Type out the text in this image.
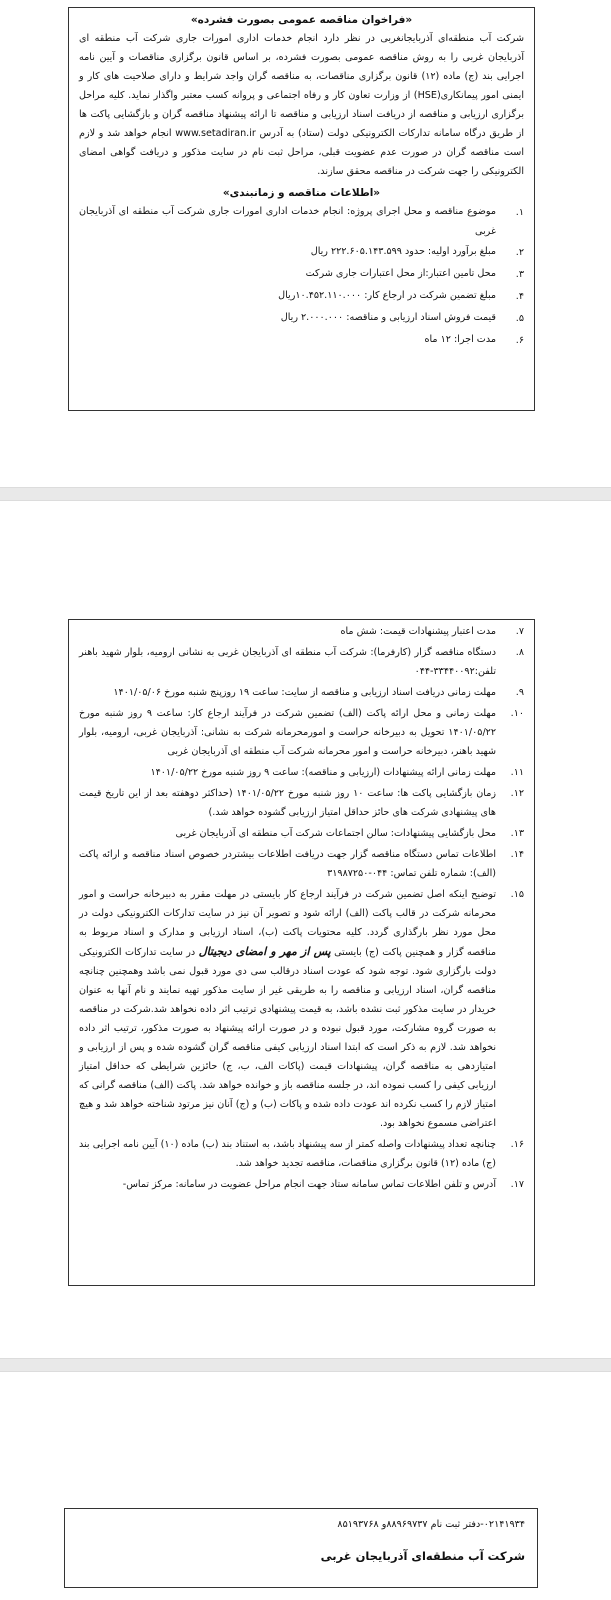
«فراخوان مناقصه عمومی بصورت فشرده»

شرکت آب منطقه‌ای آذربایجانغربی در نظر دارد انجام خدمات اداری امورات جاری شرکت آب منطقه ای آذربایجان غربی را به روش مناقصه عمومی بصورت فشرده، بر اساس قانون برگزاری مناقصات و آیین نامه اجرایی بند (ج) ماده (۱۲) قانون برگزاری مناقصات، به مناقصه گران واجد شرایط و دارای صلاحیت های کار و ایمنی امور پیمانکاری(HSE) از وزارت تعاون کار و رفاه اجتماعی و پروانه کسب معتبر واگذار نماید. کلیه مراحل برگزاری ارزیابی و مناقصه از دریافت اسناد ارزیابی و مناقصه تا ارائه پیشنهاد مناقصه گران و بازگشایی پاکت ها از طریق درگاه سامانه تدارکات الکترونیکی دولت (ستاد) به آدرس www.setadiran.ir انجام خواهد شد و لازم است مناقصه گران در صورت عدم عضویت قبلی، مراحل ثبت نام در سایت مذکور و دریافت گواهی امضای الکترونیکی را جهت شرکت در مناقصه محقق سازند.

«اطلاعات مناقصه و زمانبندی»
۱.
موضوع مناقصه و محل اجرای پروژه: انجام خدمات اداری امورات جاری شرکت آب منطقه ای آذربایجان غربی
۲.
مبلغ برآورد اولیه: حدود ۲۲۲.۶۰۵.۱۴۳.۵۹۹ ریال
۳.
محل تامین اعتبار:از محل اعتبارات جاری شرکت
۴.
مبلغ تضمین شرکت در ارجاع کار: ۱۰.۴۵۲.۱۱۰.۰۰۰ریال
۵.
قیمت فروش اسناد ارزیابی و مناقصه: ۲.۰۰۰.۰۰۰ ریال
۶.
مدت اجرا: ۱۲ ماه
۷.
مدت اعتبار پیشنهادات قیمت: شش ماه
۸.
دستگاه مناقصه گزار (کارفرما): شرکت آب منطقه ای آذربایجان غربی به نشانی ارومیه، بلوار شهید باهنر تلفن:۳۳۴۴۰۰۹۲-۰۴۴
۹.
مهلت زمانی دریافت اسناد ارزیابی و مناقصه از سایت: ساعت ۱۹ روزپنج شنبه مورخ ۱۴۰۱/۰۵/۰۶
۱۰.
مهلت زمانی و محل ارائه پاکت (الف) تضمین شرکت در فرآیند ارجاع کار: ساعت ۹ روز شنبه مورخ ۱۴۰۱/۰۵/۲۲ تحویل به دبیرخانه حراست و امورمحرمانه شرکت به نشانی: آذربایجان غربی، ارومیه، بلوار شهید باهنر، دبیرخانه حراست و امور محرمانه شرکت آب منطقه ای آذربایجان غربی
۱۱.
مهلت زمانی ارائه پیشنهادات (ارزیابی و مناقصه): ساعت ۹ روز شنبه مورخ ۱۴۰۱/۰۵/۲۲
۱۲.
زمان بازگشایی پاکت ها: ساعت ۱۰ روز شنبه مورخ ۱۴۰۱/۰۵/۲۲ (حداکثر دوهفته بعد از این تاریخ قیمت های پیشنهادی شرکت های حائز حداقل امتیاز ارزیابی گشوده خواهد شد.)
۱۳.
محل بازگشایی پیشنهادات: سالن اجتماعات شرکت آب منطقه ای آذربایجان غربی
۱۴.
اطلاعات تماس دستگاه مناقصه گزار جهت دریافت اطلاعات بیشتردر خصوص اسناد مناقصه و ارائه پاکت (الف): شماره تلفن تماس: ۰۴۴-۳۱۹۸۷۲۵۰
۱۵.
توضیح اینکه اصل تضمین شرکت در فرآیند ارجاع کار بایستی در مهلت مقرر به دبیرخانه حراست و امور محرمانه شرکت در قالب پاکت (الف) ارائه شود و تصویر آن نیز در سایت تدارکات الکترونیکی دولت در محل مورد نظر بارگذاری گردد. کلیه محتویات پاکت (ب)، اسناد ارزیابی و مدارک و اسناد مربوط به مناقصه گزار و همچنین پاکت (ج) بایستی پس از مهر و امضای دیجیتال در سایت تدارکات الکترونیکی دولت بارگزاری شود. توجه شود که عودت اسناد درقالب سی دی مورد قبول نمی باشد وهمچنین چنانچه مناقصه گران، اسناد ارزیابی و مناقصه را به طریقی غیر از سایت مذکور تهیه نمایند و نام آنها به عنوان خریدار در سایت مذکور ثبت نشده باشد، به قیمت پیشنهادی ترتیب اثر داده نخواهد شد.شرکت در مناقصه به صورت گروه مشارکت، مورد قبول نبوده و در صورت ارائه پیشنهاد به صورت مذکور، ترتیب اثر داده نخواهد شد. لازم به ذکر است که ابتدا اسناد ارزیابی کیفی مناقصه گران گشوده شده و پس از ارزیابی و امتیازدهی به مناقصه گران، پیشنهادات قیمت (پاکات الف، ب، ج) حائزین شرایطی که حداقل امتیاز ارزیابی کیفی را کسب نموده اند، در جلسه مناقصه باز و خوانده خواهد شد. پاکت (الف) مناقصه گرانی که امتیاز لازم را کسب نکرده اند عودت داده شده و پاکات (ب) و (ج) آنان نیز مرتود شناخته خواهد شد و هیچ اعتراضی مسموع نخواهد بود.
۱۶.
چنانچه تعداد پیشنهادات واصله کمتر از سه پیشنهاد باشد، به استناد بند (ب) ماده (۱۰) آیین نامه اجرایی بند (ج) ماده (۱۲) قانون برگزاری مناقصات، مناقصه تجدید خواهد شد.
۱۷.
آدرس و تلفن اطلاعات تماس سامانه ستاد جهت انجام مراحل عضویت در سامانه: مرکز تماس-
۰۲۱۴۱۹۳۴-دفتر ثبت نام ۸۸۹۶۹۷۳۷و ۸۵۱۹۳۷۶۸
شرکت آب منطقه‌ای آذربایجان غربی
